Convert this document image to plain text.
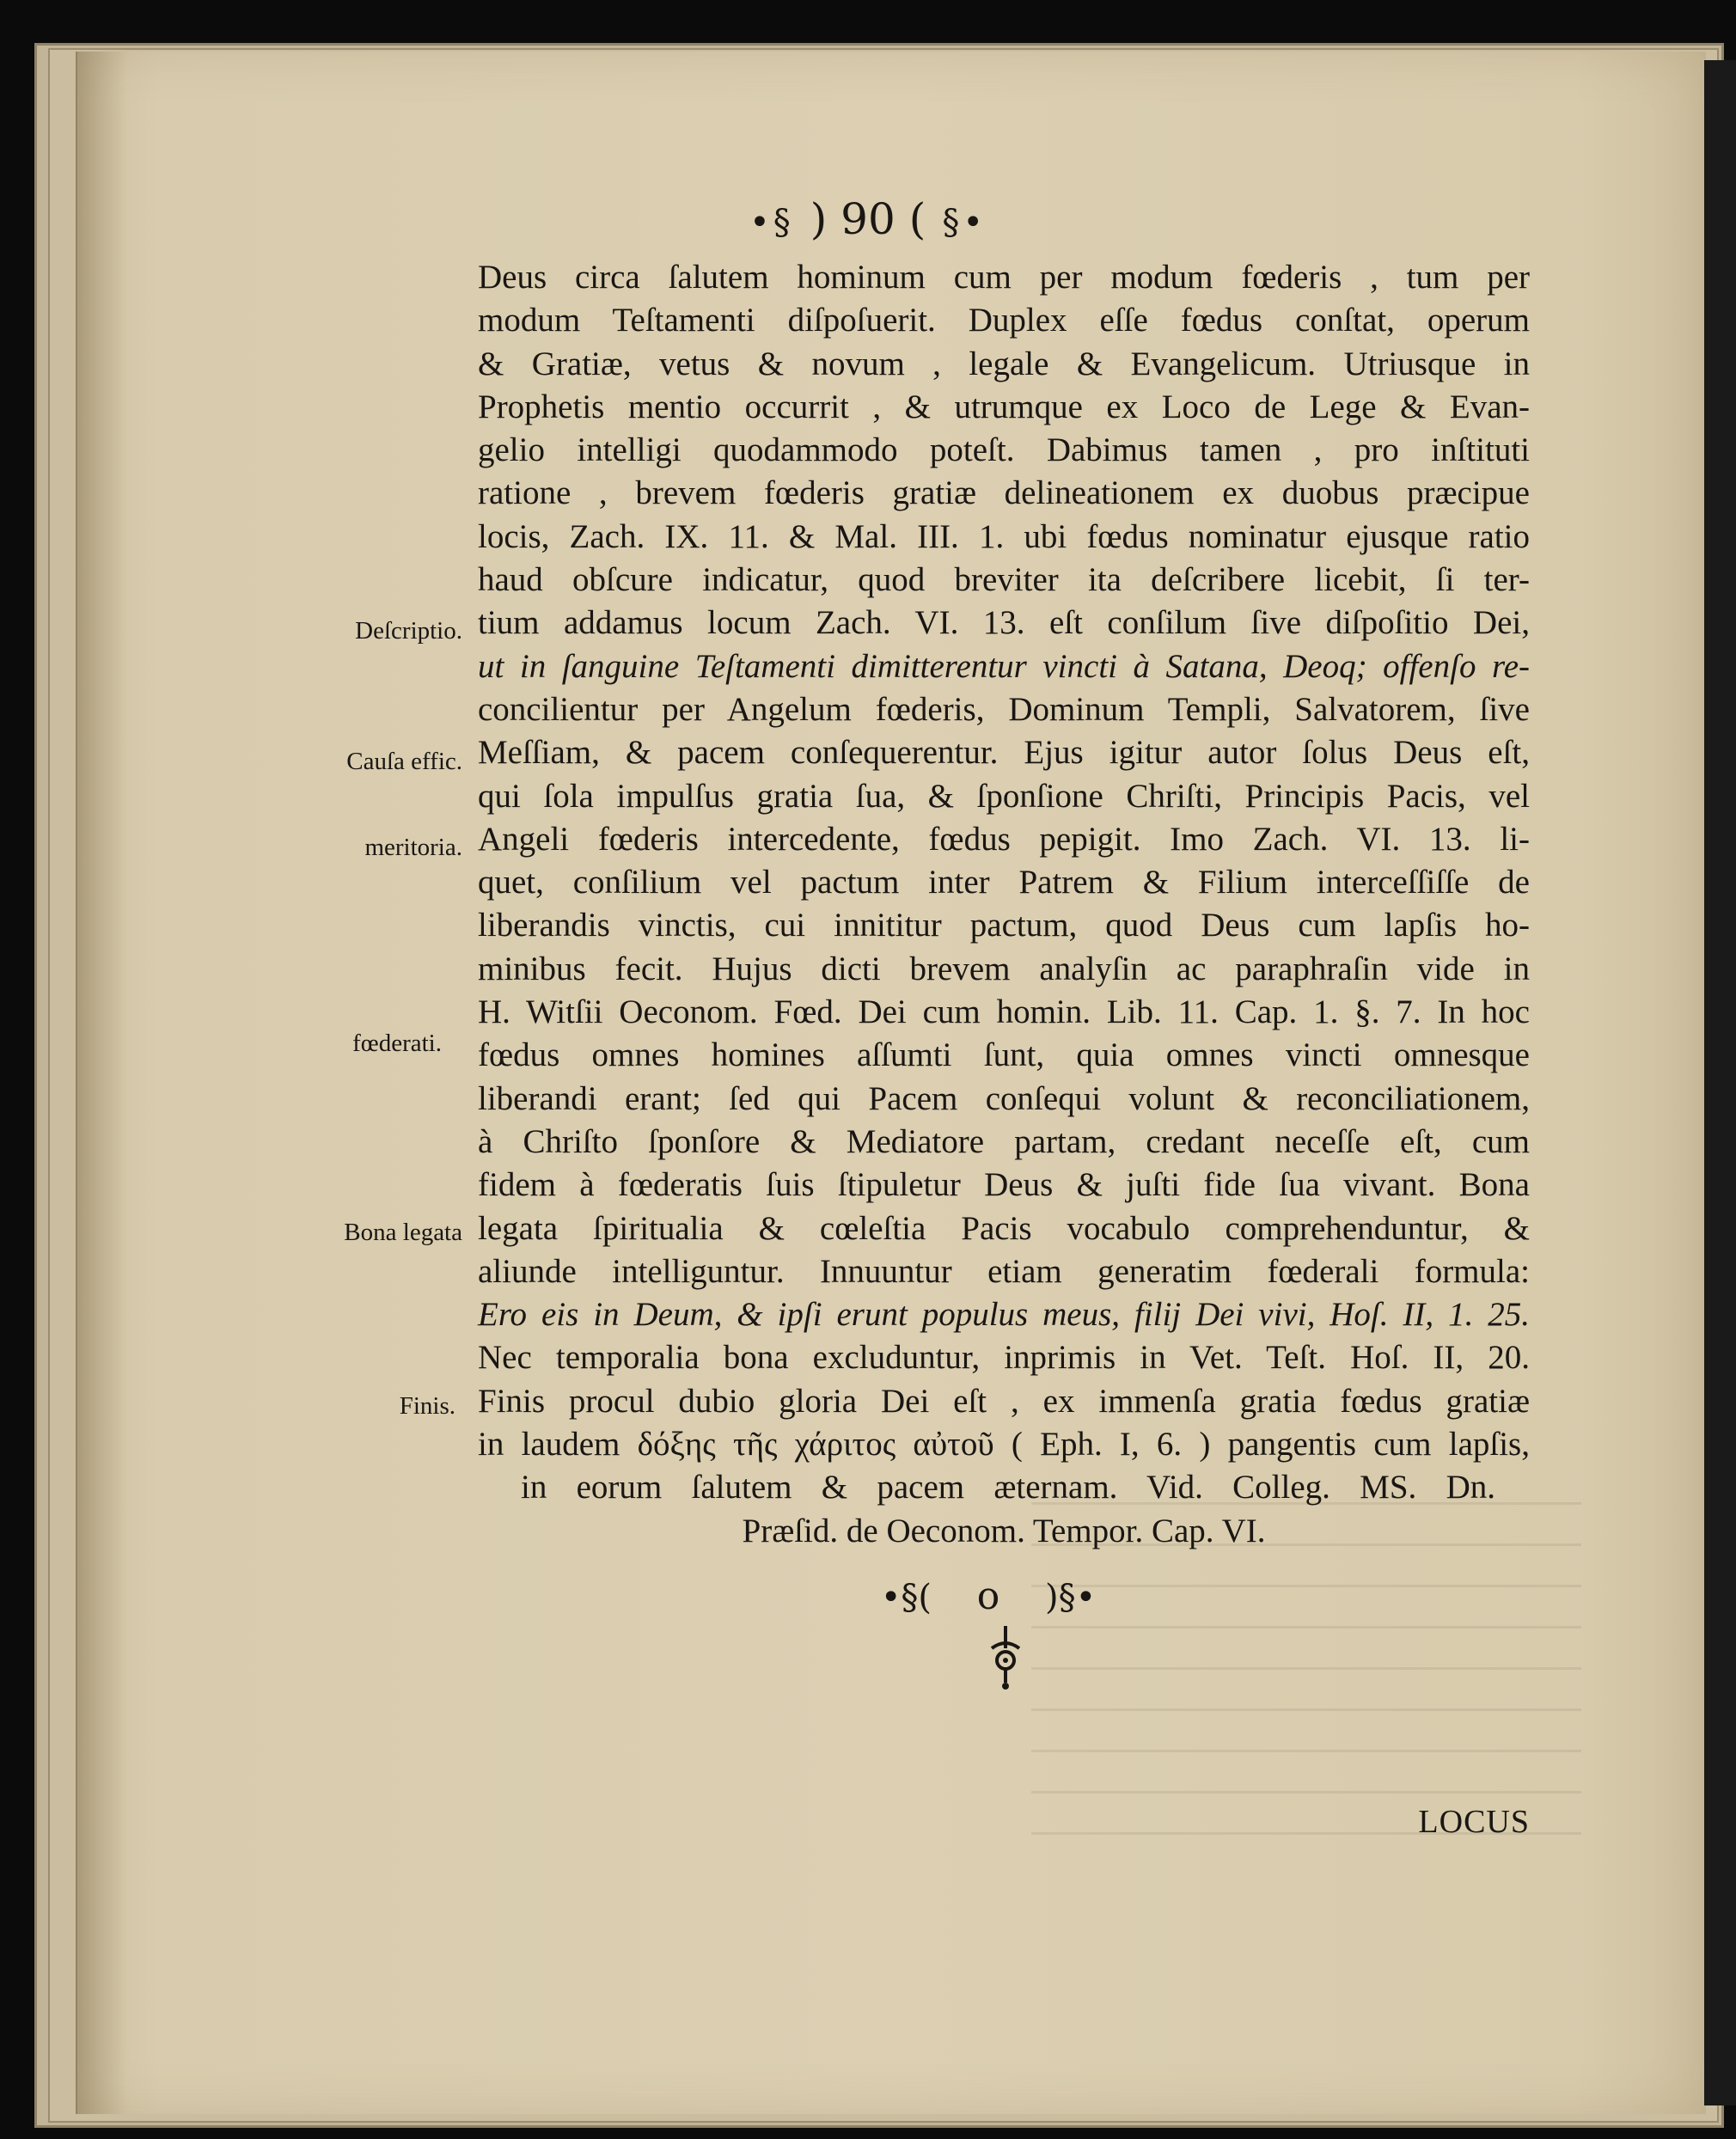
•§ ) 90 ( §•
Deſcriptio.
Cauſa effic.
meritoria.
fœderati.
Bona legata
Finis.
Deus circa ſalutem hominum cum per modum fœderis , tum per
modum Teſtamenti diſpoſuerit. Duplex eſſe fœdus conſtat, operum
& Gratiæ, vetus & novum , legale & Evangelicum. Utriusque in
Prophetis mentio occurrit , & utrumque ex Loco de Lege & Evan-
gelio intelligi quodammodo poteſt. Dabimus tamen , pro inſtituti
ratione , brevem fœderis gratiæ delineationem ex duobus præcipue
locis, Zach. IX. 11. & Mal. III. 1. ubi fœdus nominatur ejusque ratio
haud obſcure indicatur, quod breviter ita deſcribere licebit, ſi ter-
tium addamus locum Zach. VI. 13. eſt conſilum ſive diſpoſitio Dei,
ut in ſanguine Teſtamenti dimitterentur vincti à Satana, Deoq; offenſo re-
concilientur per Angelum fœderis, Dominum Templi, Salvatorem, ſive
Meſſiam, & pacem conſequerentur. Ejus igitur autor ſolus Deus eſt,
qui ſola impulſus gratia ſua, & ſponſione Chriſti, Principis Pacis, vel
Angeli fœderis intercedente, fœdus pepigit. Imo Zach. VI. 13. li-
quet, conſilium vel pactum inter Patrem & Filium interceſſiſſe de
liberandis vinctis, cui innititur pactum, quod Deus cum lapſis ho-
minibus fecit. Hujus dicti brevem analyſin ac paraphraſin vide in
H. Witſii Oeconom. Fœd. Dei cum homin. Lib. 11. Cap. 1. §. 7. In hoc
fœdus omnes homines aſſumti ſunt, quia omnes vincti omnesque
liberandi erant; ſed qui Pacem conſequi volunt & reconciliationem,
à Chriſto ſponſore & Mediatore partam, credant neceſſe eſt, cum
fidem à fœderatis ſuis ſtipuletur Deus & juſti fide ſua vivant. Bona
legata ſpiritualia & cœleſtia Pacis vocabulo comprehenduntur, &
aliunde intelliguntur. Innuuntur etiam generatim fœderali formula:
Ero eis in Deum, & ipſi erunt populus meus, filij Dei vivi, Hoſ. II, 1. 25.
Nec temporalia bona excluduntur, inprimis in Vet. Teſt. Hoſ. II, 20.
Finis procul dubio gloria Dei eſt , ex immenſa gratia fœdus gratiæ
in laudem δόξης τῆς χάριτος αὐτοῦ ( Eph. I, 6. ) pangentis cum lapſis,
in eorum ſalutem & pacem æternam. Vid. Colleg. MS. Dn.
Præſid. de Oeconom. Tempor. Cap. VI.
•§( o )§•
LOCUS
